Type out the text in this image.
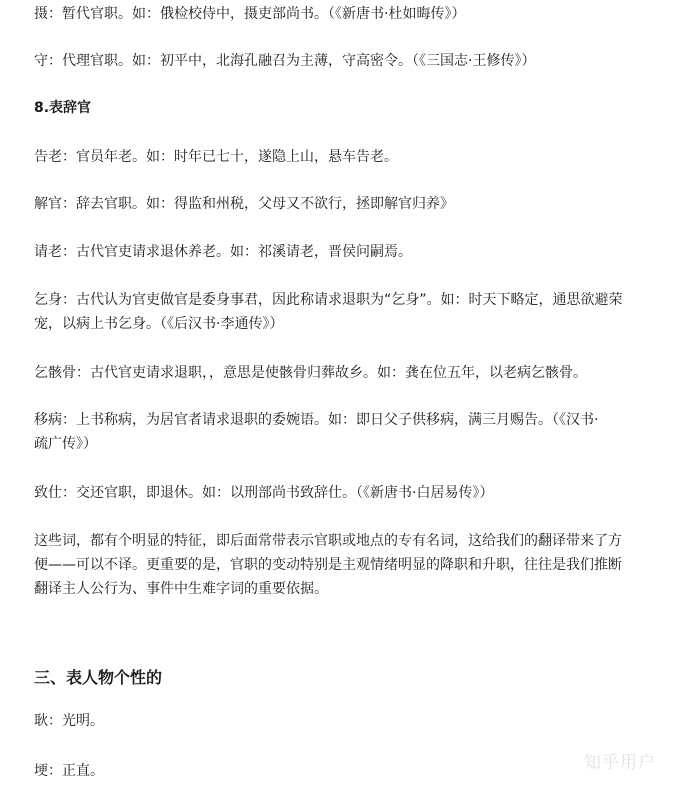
摄：暂代官职。如：俄检校侍中，摄吏部尚书。（《新唐书·杜如晦传》）

守：代理官职。如：初平中，北海孔融召为主薄，守高密令。（《三国志·王修传》）

8.表辞官

告老：官员年老。如：时年已七十，遂隐上山，悬车告老。

解官：辞去官职。如：得监和州税，父母又不欲行，拯即解官归养》

请老：古代官吏请求退休养老。如：祁溪请老，晋侯问嗣焉。

乞身：古代认为官吏做官是委身事君，因此称请求退职为“乞身”。如：时天下略定，通思欲避荣
宠，以病上书乞身。（《后汉书·李通传》）

乞骸骨：古代官吏请求退职，，意思是使骸骨归葬故乡。如：龚在位五年，以老病乞骸骨。

移病：上书称病，为居官者请求退职的委婉语。如：即日父子供移病，满三月赐告。（《汉书·
疏广传》）

致仕：交还官职，即退休。如：以刑部尚书致辞仕。（《新唐书·白居易传》）

这些词，都有个明显的特征，即后面常带表示官职或地点的专有名词，这给我们的翻译带来了方
便——可以不译。更重要的是，官职的变动特别是主观情绪明显的降职和升职，往往是我们推断
翻译主人公行为、事件中生难字词的重要依据。

三、表人物个性的

耿：光明。

埂：正直。	知乎用户
